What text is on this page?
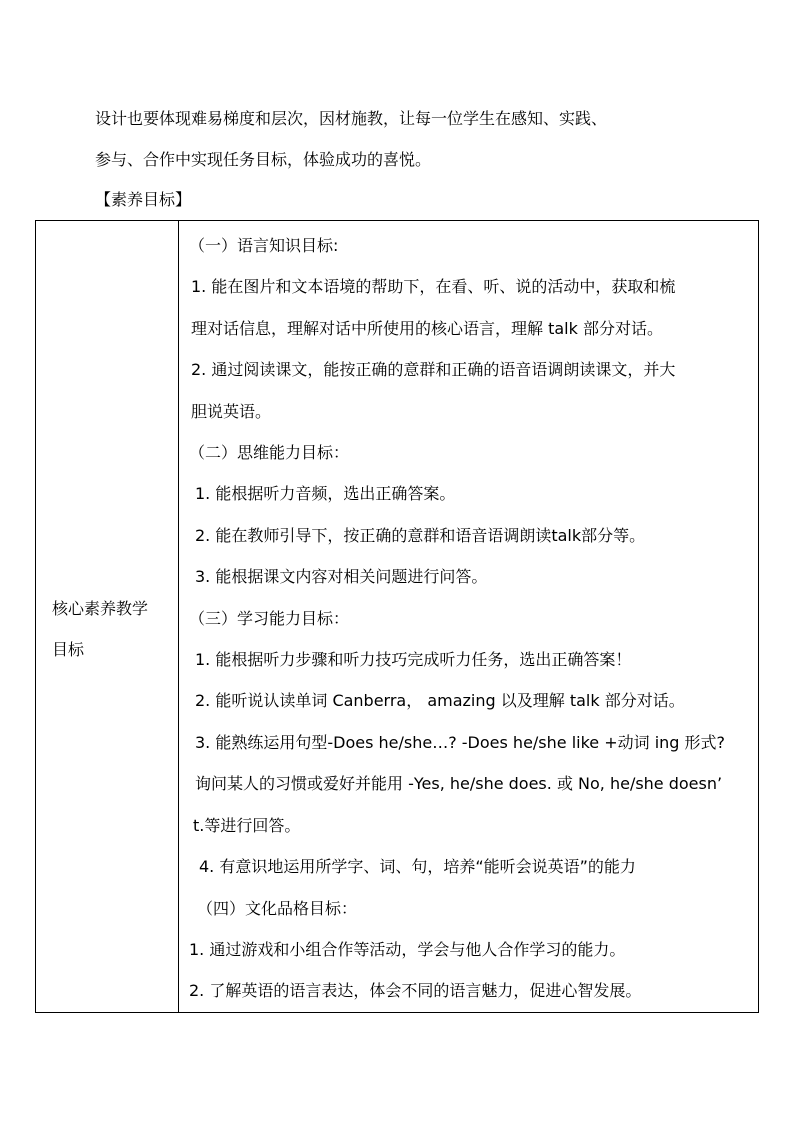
设计也要体现难易梯度和层次，因材施教，让每一位学生在感知、实践、

参与、合作中实现任务目标，体验成功的喜悦。

【素养目标】
核心素养教学
目标

（一）语言知识目标:

1. 能在图片和文本语境的帮助下，在看、听、说的活动中，获取和梳

理对话信息，理解对话中所使用的核心语言，理解 talk 部分对话。

2. 通过阅读课文，能按正确的意群和正确的语音语调朗读课文，并大

胆说英语。

（二）思维能力目标：

1. 能根据听力音频，选出正确答案。

2. 能在教师引导下，按正确的意群和语音语调朗读talk部分等。

3. 能根据课文内容对相关问题进行问答。

（三）学习能力目标：

1. 能根据听力步骤和听力技巧完成听力任务，选出正确答案！

2. 能听说认读单词 Canberra， amazing 以及理解 talk 部分对话。

3. 能熟练运用句型-Does he/she…? -Does he/she like +动词 ing 形式?

询问某人的习惯或爱好并能用 -Yes, he/she does. 或 No, he/she doesn’

t.等进行回答。

4. 有意识地运用所学字、词、句，培养“能听会说英语”的能力

（四）文化品格目标：

1. 通过游戏和小组合作等活动，学会与他人合作学习的能力。

2. 了解英语的语言表达，体会不同的语言魅力，促进心智发展。
